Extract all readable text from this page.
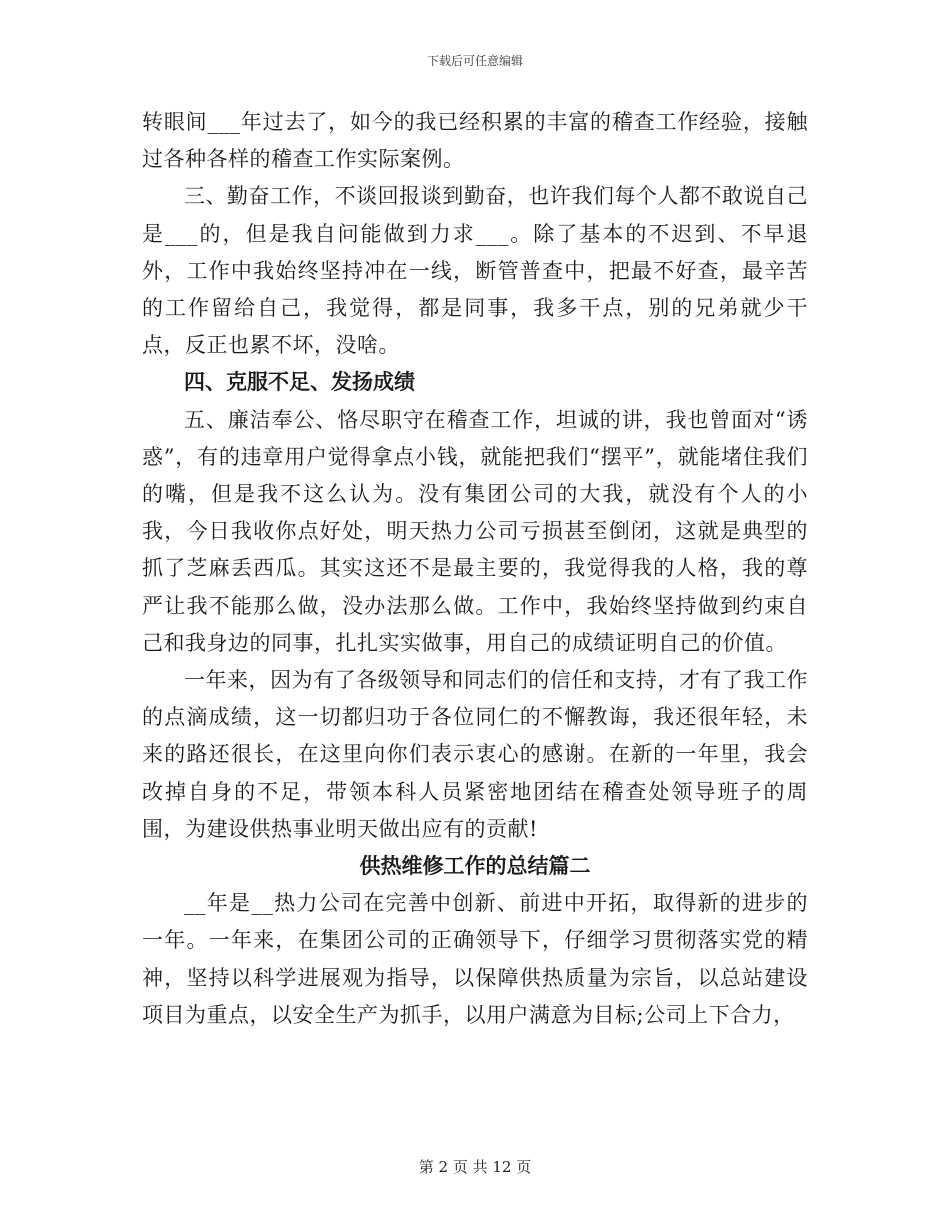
下载后可任意编辑

转眼间___年过去了，如今的我已经积累的丰富的稽查工作经验，接触过各种各样的稽查工作实际案例。

三、勤奋工作，不谈回报谈到勤奋，也许我们每个人都不敢说自己是___的，但是我自问能做到力求___。除了基本的不迟到、不早退外，工作中我始终坚持冲在一线，断管普查中，把最不好查，最辛苦的工作留给自己，我觉得，都是同事，我多干点，别的兄弟就少干点，反正也累不坏，没啥。

四、克服不足、发扬成绩

五、廉洁奉公、恪尽职守在稽查工作，坦诚的讲，我也曾面对“诱惑”，有的违章用户觉得拿点小钱，就能把我们“摆平”，就能堵住我们的嘴，但是我不这么认为。没有集团公司的大我，就没有个人的小我，今日我收你点好处，明天热力公司亏损甚至倒闭，这就是典型的抓了芝麻丢西瓜。其实这还不是最主要的，我觉得我的人格，我的尊严让我不能那么做，没办法那么做。工作中，我始终坚持做到约束自己和我身边的同事，扎扎实实做事，用自己的成绩证明自己的价值。

一年来，因为有了各级领导和同志们的信任和支持，才有了我工作的点滴成绩，这一切都归功于各位同仁的不懈教诲，我还很年轻，未来的路还很长，在这里向你们表示衷心的感谢。在新的一年里，我会改掉自身的不足，带领本科人员紧密地团结在稽查处领导班子的周围，为建设供热事业明天做出应有的贡献!

供热维修工作的总结篇二

__年是__热力公司在完善中创新、前进中开拓，取得新的进步的一年。一年来，在集团公司的正确领导下，仔细学习贯彻落实党的精神，坚持以科学进展观为指导，以保障供热质量为宗旨，以总站建设项目为重点，以安全生产为抓手，以用户满意为目标;公司上下合力，

第 2 页 共 12 页
